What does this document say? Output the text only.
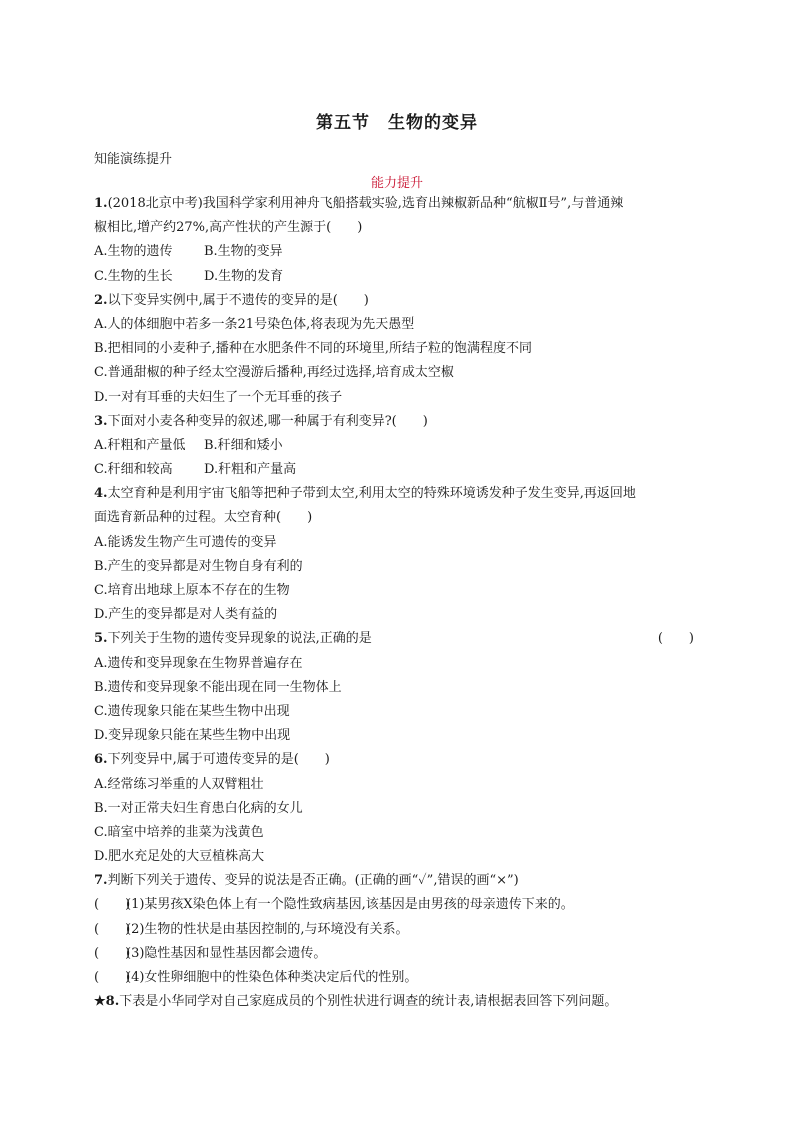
第五节　生物的变异
知能演练提升
能力提升
1.(2018北京中考)我国科学家利用神舟飞船搭载实验,选育出辣椒新品种“航椒Ⅱ号”,与普通辣
椒相比,增产约27%,高产性状的产生源于(　　)
A.生物的遗传	B.生物的变异
C.生物的生长	D.生物的发育
2.以下变异实例中,属于不遗传的变异的是(　　)
A.人的体细胞中若多一条21号染色体,将表现为先天愚型
B.把相同的小麦种子,播种在水肥条件不同的环境里,所结子粒的饱满程度不同
C.普通甜椒的种子经太空漫游后播种,再经过选择,培育成太空椒
D.一对有耳垂的夫妇生了一个无耳垂的孩子
3.下面对小麦各种变异的叙述,哪一种属于有利变异?(　　)
A.秆粗和产量低	B.秆细和矮小
C.秆细和较高	D.秆粗和产量高
4.太空育种是利用宇宙飞船等把种子带到太空,利用太空的特殊环境诱发种子发生变异,再返回地
面选育新品种的过程。太空育种(　　)
A.能诱发生物产生可遗传的变异
B.产生的变异都是对生物自身有利的
C.培育出地球上原本不存在的生物
D.产生的变异都是对人类有益的
5.下列关于生物的遗传变异现象的说法,正确的是	(　　)
A.遗传和变异现象在生物界普遍存在
B.遗传和变异现象不能出现在同一生物体上
C.遗传现象只能在某些生物中出现
D.变异现象只能在某些生物中出现
6.下列变异中,属于可遗传变异的是(　　)
A.经常练习举重的人双臂粗壮
B.一对正常夫妇生育患白化病的女儿
C.暗室中培养的韭菜为浅黄色
D.肥水充足处的大豆植株高大
7.判断下列关于遗传、变异的说法是否正确。(正确的画“✓”,错误的画“×”)
(　　)(1)某男孩X染色体上有一个隐性致病基因,该基因是由男孩的母亲遗传下来的。
(　　)(2)生物的性状是由基因控制的,与环境没有关系。
(　　)(3)隐性基因和显性基因都会遗传。
(　　)(4)女性卵细胞中的性染色体种类决定后代的性别。
★8.下表是小华同学对自己家庭成员的个别性状进行调查的统计表,请根据表回答下列问题。
